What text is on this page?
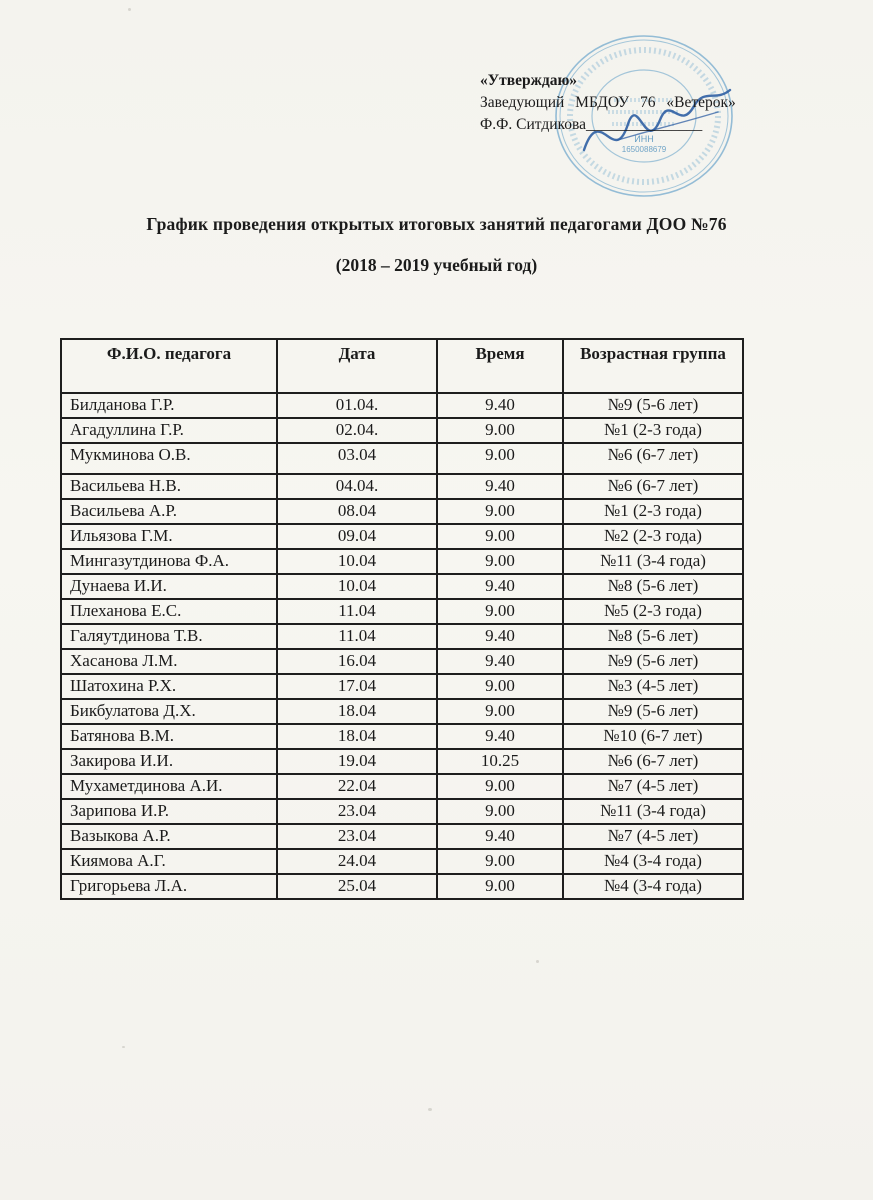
ИНН
1650088679
«Утверждаю»
Заведующий МБДОУ 76 «Ветерок»
Ф.Ф. Ситдикова_______________
График проведения открытых итоговых занятий педагогами ДОО №76
(2018 – 2019 учебный год)
Ф.И.О. педагога	Дата	Время	Возрастная группа
Билданова Г.Р.	01.04.	9.40	№9 (5-6 лет)
Агадуллина Г.Р.	02.04.	9.00	№1 (2-3 года)
Мукминова О.В.	03.04	9.00	№6 (6-7 лет)
Васильева Н.В.	04.04.	9.40	№6 (6-7 лет)
Васильева А.Р.	08.04	9.00	№1 (2-3 года)
Ильязова Г.М.	09.04	9.00	№2 (2-3 года)
Мингазутдинова Ф.А.	10.04	9.00	№11 (3-4 года)
Дунаева И.И.	10.04	9.40	№8 (5-6 лет)
Плеханова Е.С.	11.04	9.00	№5 (2-3 года)
Галяутдинова Т.В.	11.04	9.40	№8 (5-6 лет)
Хасанова Л.М.	16.04	9.40	№9 (5-6 лет)
Шатохина Р.Х.	17.04	9.00	№3 (4-5 лет)
Бикбулатова Д.Х.	18.04	9.00	№9 (5-6 лет)
Батянова В.М.	18.04	9.40	№10 (6-7 лет)
Закирова И.И.	19.04	10.25	№6 (6-7 лет)
Мухаметдинова А.И.	22.04	9.00	№7 (4-5 лет)
Зарипова И.Р.	23.04	9.00	№11 (3-4 года)
Вазыкова А.Р.	23.04	9.40	№7 (4-5 лет)
Киямова А.Г.	24.04	9.00	№4 (3-4 года)
Григорьева Л.А.	25.04	9.00	№4 (3-4 года)
